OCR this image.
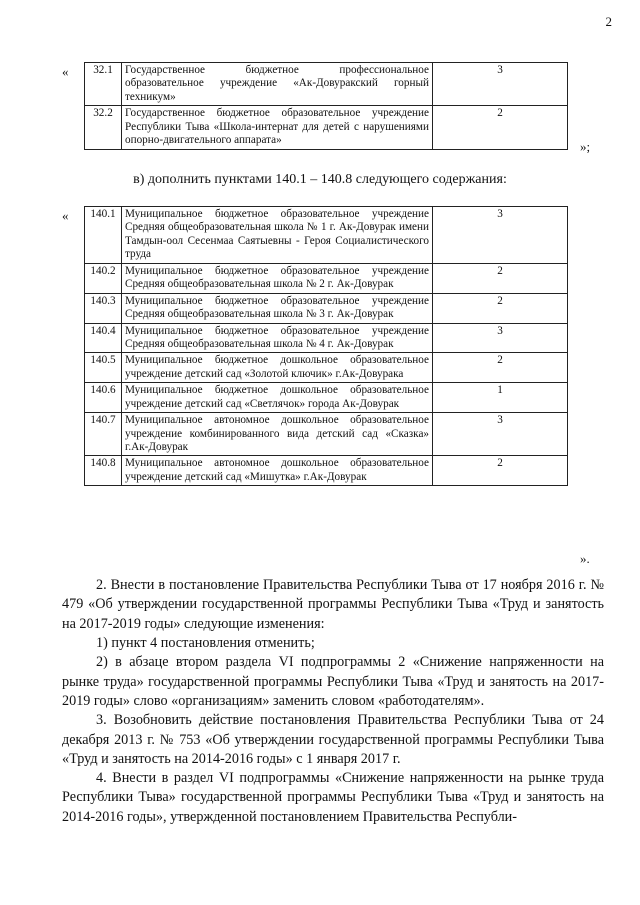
2
« 32.1	Государственное бюджетное профессиональное образовательное учреждение «Ак-Довуракский горный техникум»	3
32.2	Государственное бюджетное образовательное учреждение Республики Тыва «Школа-интернат для детей с нарушениями опорно-двигательного аппарата»	2
»;
в) дополнить пунктами 140.1 – 140.8 следующего содержания:
« 140.1	Муниципальное бюджетное образовательное учреждение Средняя общеобразовательная школа № 1 г. Ак-Довурак имени Тамдын-оол Сесенмаа Саятыевны - Героя Социалистического труда	3
140.2	Муниципальное бюджетное образовательное учреждение Средняя общеобразовательная школа № 2 г. Ак-Довурак	2
140.3	Муниципальное бюджетное образовательное учреждение Средняя общеобразовательная школа № 3 г. Ак-Довурак	2
140.4	Муниципальное бюджетное образовательное учреждение Средняя общеобразовательная школа № 4 г. Ак-Довурак	3
140.5	Муниципальное бюджетное дошкольное образовательное учреждение детский сад «Золотой ключик» г.Ак-Довурака	2
140.6	Муниципальное бюджетное дошкольное образовательное учреждение детский сад «Светлячок» города Ак-Довурак	1
140.7	Муниципальное автономное дошкольное образовательное учреждение комбинированного вида детский сад «Сказка» г.Ак-Довурак	3
140.8	Муниципальное автономное дошкольное образовательное учреждение детский сад «Мишутка» г.Ак-Довурак	2
».

2. Внести в постановление Правительства Республики Тыва от 17 ноября 2016 г. № 479 «Об утверждении государственной программы Республики Тыва «Труд и занятость на 2017-2019 годы» следующие изменения:

1) пункт 4 постановления отменить;

2) в абзаце втором раздела VI подпрограммы 2 «Снижение напряженности на рынке труда» государственной программы Республики Тыва «Труд и занятость на 2017-2019 годы» слово «организациям» заменить словом «работодателям».

3. Возобновить действие постановления Правительства Республики Тыва от 24 декабря 2013 г. № 753 «Об утверждении государственной программы Республики Тыва «Труд и занятость на 2014-2016 годы» с 1 января 2017 г.

4. Внести в раздел VI подпрограммы «Снижение напряженности на рынке труда Республики Тыва» государственной программы Республики Тыва «Труд и занятость на 2014-2016 годы», утвержденной постановлением Правительства Республи-
